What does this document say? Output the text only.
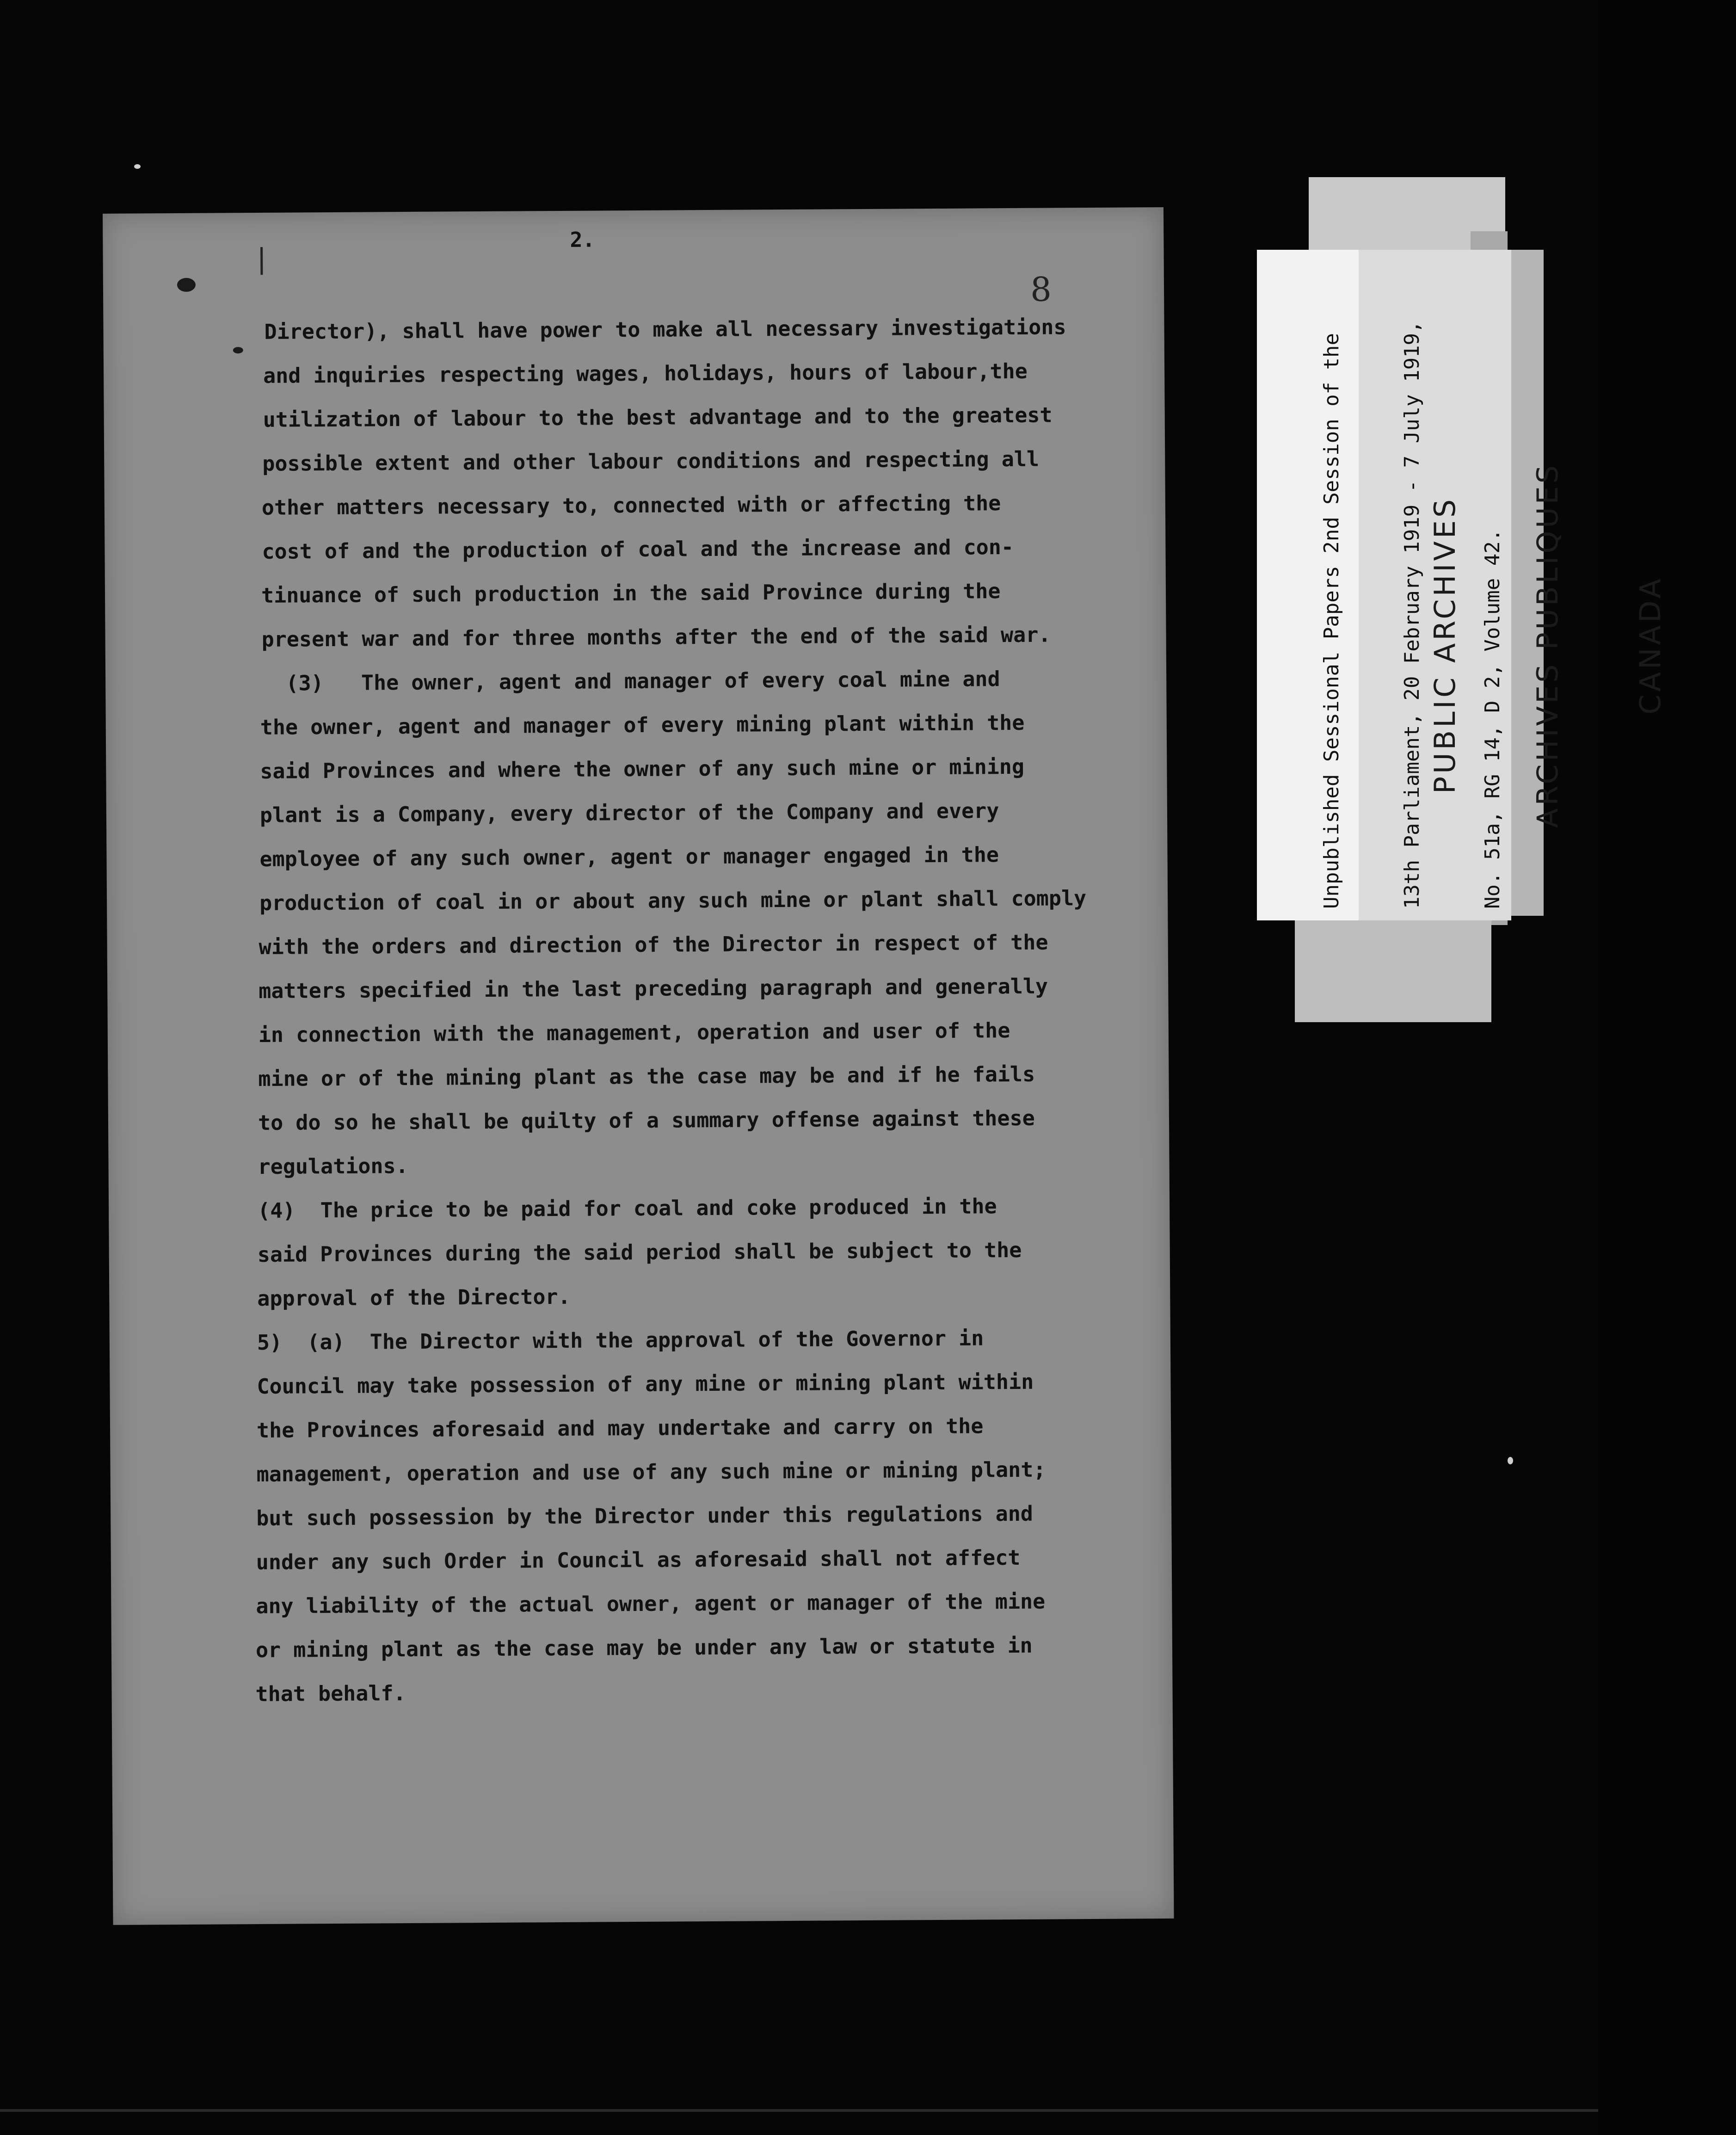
|
2.
8
Director), shall have power to make all necessary investigations
and inquiries respecting wages, holidays, hours of labour,the
utilization of labour to the best advantage and to the greatest
possible extent and other labour conditions and respecting all
other matters necessary to, connected with or affecting the
cost of and the production of coal and the increase and con-
tinuance of such production in the said Province during the
present war and for three months after the end of the said war.
(3)   The owner, agent and manager of every coal mine and
the owner, agent and manager of every mining plant within the
said Provinces and where the owner of any such mine or mining
plant is a Company, every director of the Company and every
employee of any such owner, agent or manager engaged in the
production of coal in or about any such mine or plant shall comply
with the orders and direction of the Director in respect of the
matters specified in the last preceding paragraph and generally
in connection with the management, operation and user of the
mine or of the mining plant as the case may be and if he fails
to do so he shall be quilty of a summary offense against these
regulations.
(4)  The price to be paid for coal and coke produced in the
said Provinces during the said period shall be subject to the
approval of the Director.
5)  (a)  The Director with the approval of the Governor in
Council may take possession of any mine or mining plant within
the Provinces aforesaid and may undertake and carry on the
management, operation and use of any such mine or mining plant;
but such possession by the Director under this regulations and
under any such Order in Council as aforesaid shall not affect
any liability of the actual owner, agent or manager of the mine
or mining plant as the case may be under any law or statute in
that behalf.

Unpublished Sessional Papers 2nd Session of the

	13th Parliament, 20 February 1919 - 7 July 1919,

	No. 51a, RG 14, D 2, Volume 42.

PUBLIC ARCHIVES

ARCHIVES PUBLIQUES

CANADA
